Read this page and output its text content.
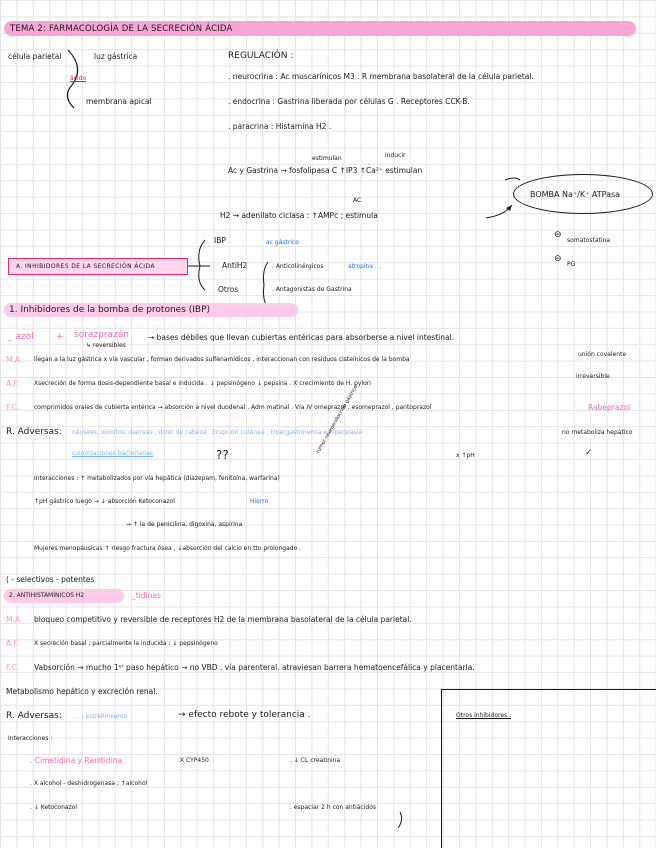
TEMA 2: FARMACOLOGÍA DE LA SECRECIÓN ÁCIDA
célula parietal	luz gástrica
ácido
membrana apical
REGULACIÓN :
. neurocrina : Ac muscarínicos M3 . R membrana basolateral de la célula parietal.
. endocrina : Gastrina liberada por células G . Receptores CCK-B.
. paracrina : Histamina H2 .
estimulan	inducir
Ac y Gastrina → fosfolipasa C ↑IP3 ↑Ca²⁺ estimulan
AC
H2 → adenilato ciclasa : ↑AMPc ; estimula
BOMBA Na⁺/K⁺ ATPasa
⊖
somatostatina
⊖
PG
A. INHIBIDORES DE LA SECRECIÓN ÁCIDA
IBP	ac gástrico
AntiH2	. Anticolinérgicos	atropina . .
Otros	. Antagonistas de Gastrina
1. Inhibidores de la bomba de protones (IBP)
_ azol + sorazprazán
↳ reversibles
→ bases débiles que llevan cubiertas entéricas para absorberse a nivel intestinal.
M.A. llegan a la luz gástrica x vía vascular , forman derivados sulfenamídicos , interaccionan con residuos cisteínicos de la bomba
unión covalente
irreversible
A.F.	Xsecreción de forma dosis-dependiente basal e inducida . ↓ pepsinógeno ↓ pepsina . X crecimiento de H. pylori
F.C. comprimidos orales de cubierta entérica → absorción a nivel duodenal . Adm matinal . Vía IV omeprazol , esomeprazol , pantoprazol	Rabeprazol
R. Adversas: náuseas, vómitos, diarreas , dolor de cabeza . Erupción cutánea , hipergastrinemia e hiperplasia	no metaboliza hepático
colonizaciones bacterianas	??
tumor neuroendocrino gástrico
x ↑pH	✓
Interacciones : ↑ metabolizados por vía hepática (diazepam, fenitoína, warfarina)
↑pH gástrico luego → ↓ absorción Ketoconazol	Hierro
→ ↑ la de penicilina, digoxina, aspirina
Mujeres menopáusicas ↑ riesgo fractura ósea , ↓absorción del calcio en tto prolongado .
( - selectivos - potentes
2. ANTIHISTAMÍNICOS H2	_tidinas
M.A. bloqueo competitivo y reversible de receptores H2 de la membrana basolateral de la célula parietal.
A.F.	X secreción basal ; parcialmente la inducida ; ↓ pepsinógeno
F.C. Vabsorción → mucho 1ᵉʳ paso hepático → no VBD . vía parenteral. atraviesan barrera hematoencefálica y placentaria.
Metabolismo hepático y excreción renal.
R. Adversas: . . ; estreñimiento	→ efecto rebote y tolerancia .
Interacciones :
. Cimetidina y Ranitidina	X CYP450	. ↓ CL creatinina
. X alcohol - deshidrogenasa ; ↑alcohol
. ↓ Ketoconazol	. espaciar 2 h con antiácidos
Otros inhibidores :
